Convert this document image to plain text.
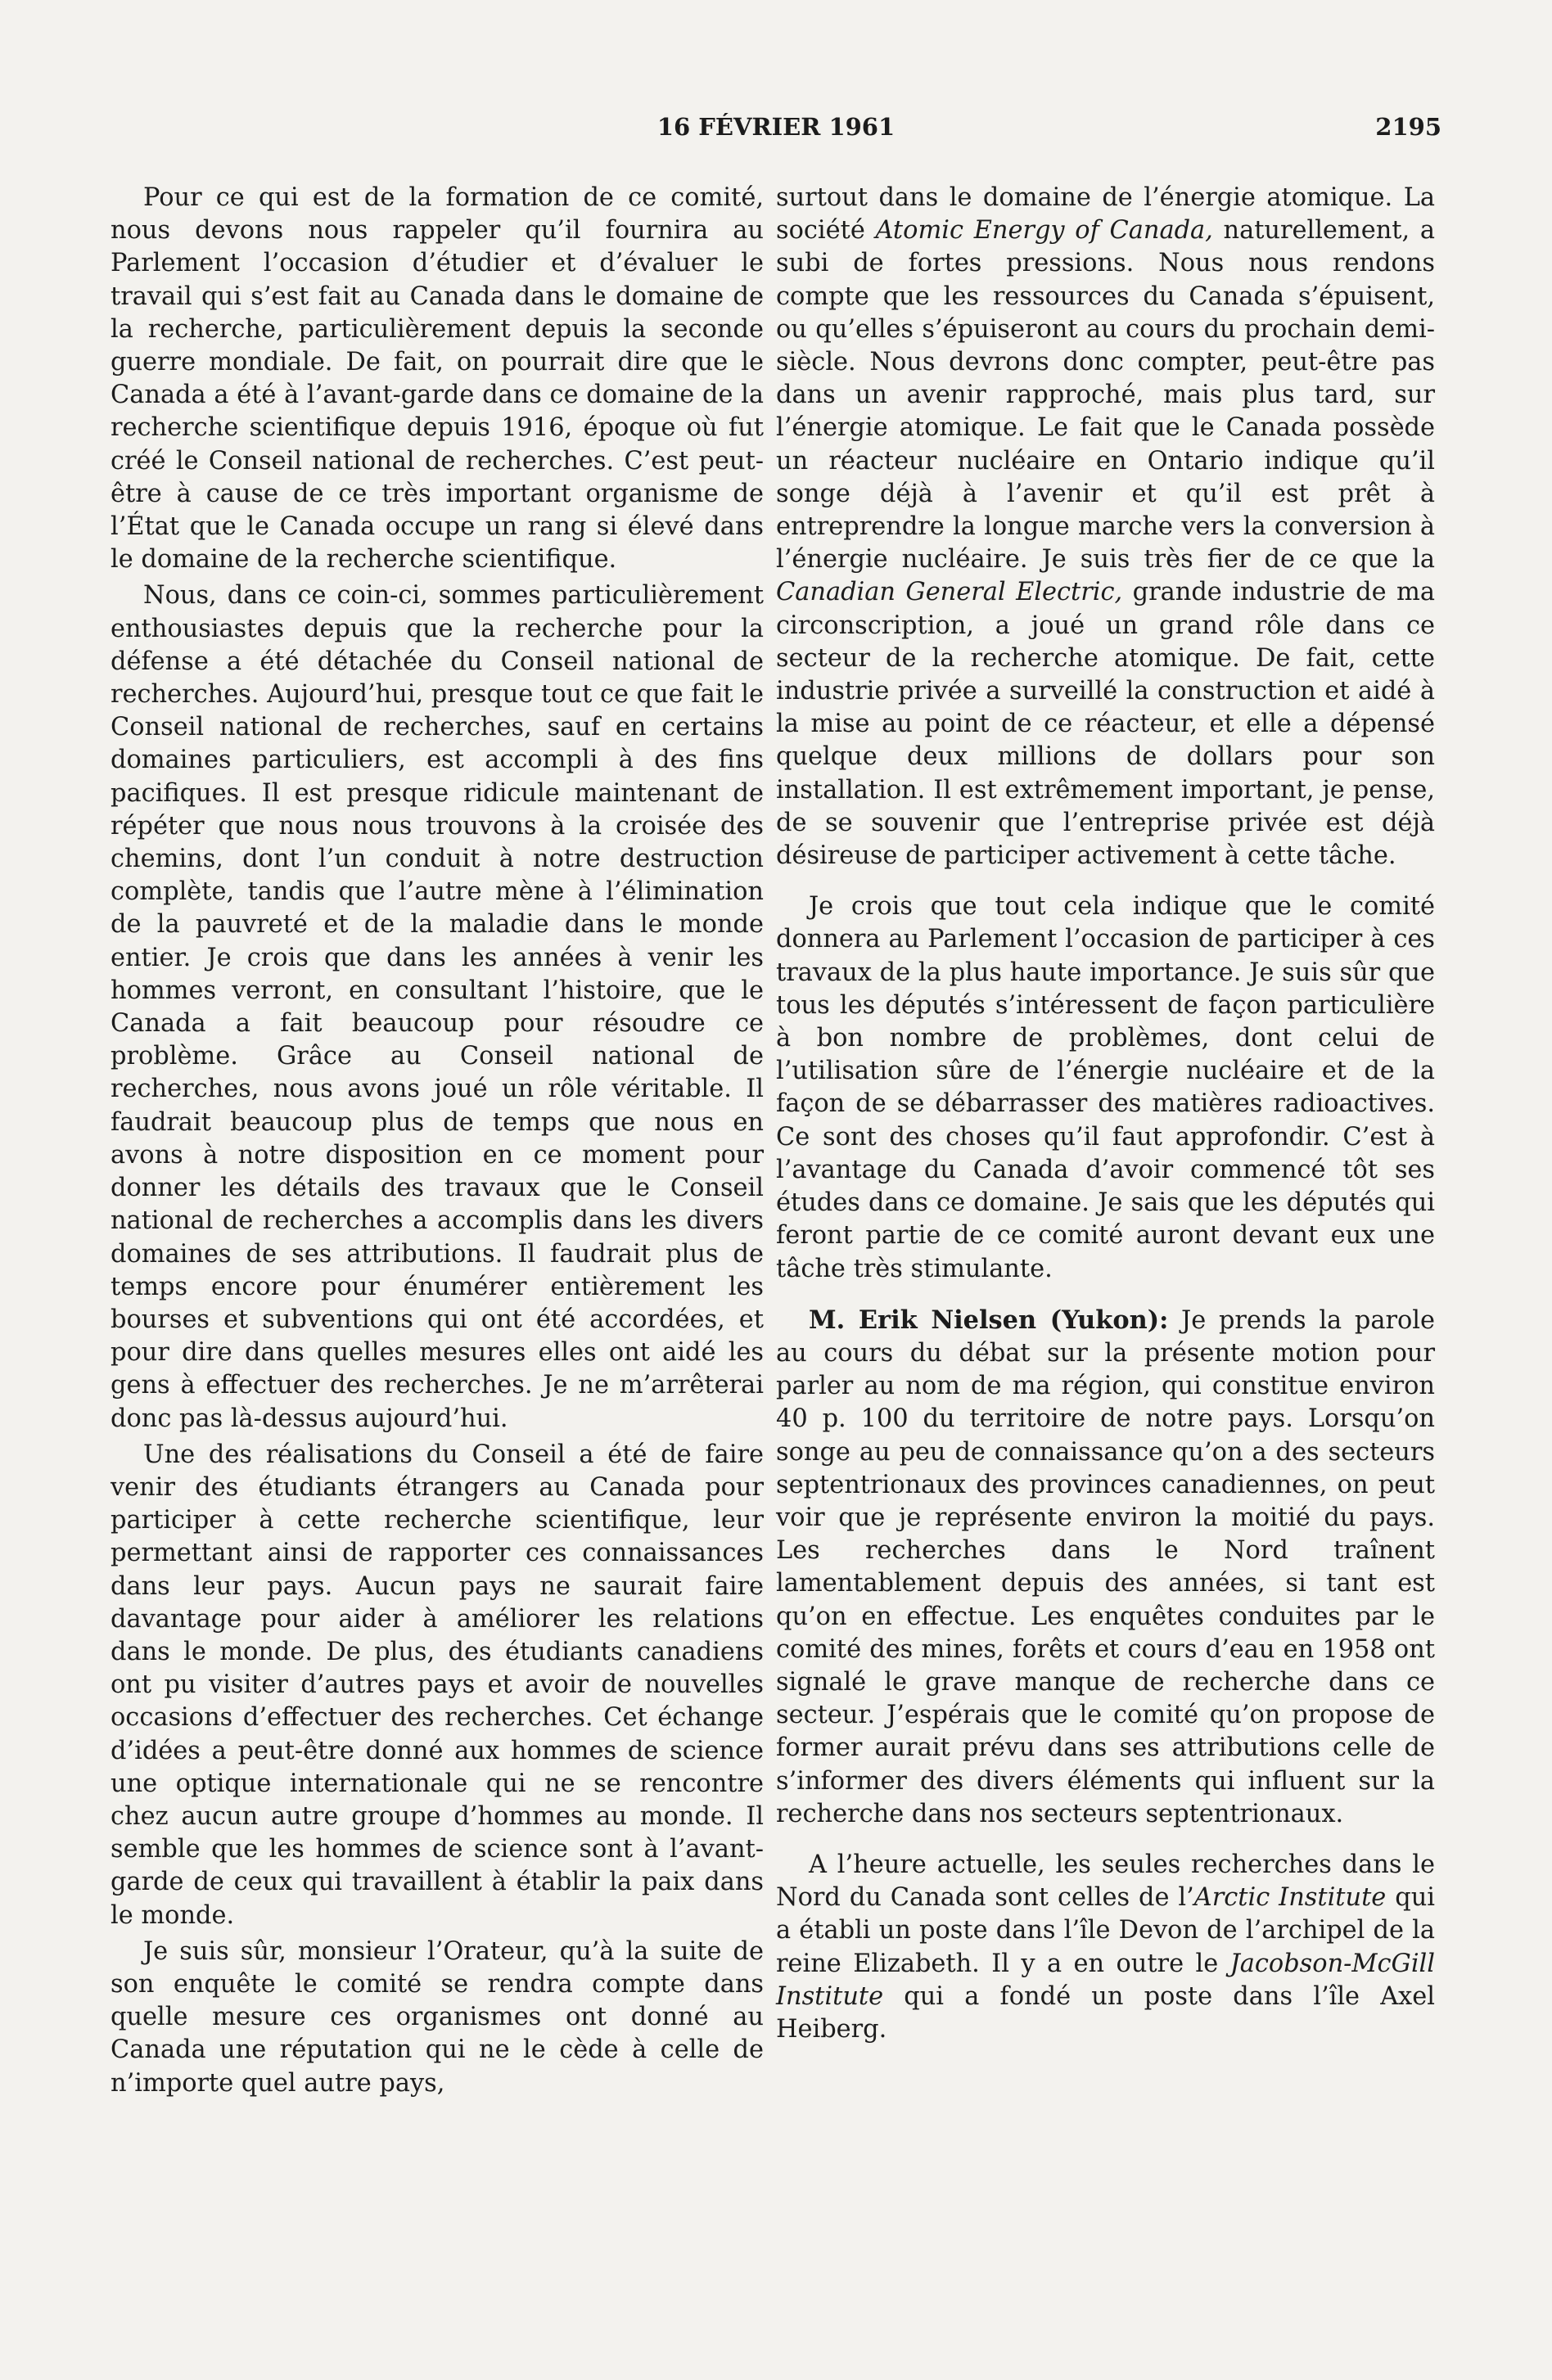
16 FÉVRIER 1961	2195

Pour ce qui est de la formation de ce comité, nous devons nous rappeler qu’il fournira au Parlement l’occasion d’étudier et d’évaluer le travail qui s’est fait au Canada dans le domaine de la recherche, particulièrement depuis la seconde guerre mondiale. De fait, on pourrait dire que le Canada a été à l’avant-garde dans ce domaine de la recherche scientifique depuis 1916, époque où fut créé le Conseil national de recherches. C’est peut-être à cause de ce très important organisme de l’État que le Canada occupe un rang si élevé dans le domaine de la recherche scientifique.

Nous, dans ce coin-ci, sommes particulièrement enthousiastes depuis que la recherche pour la défense a été détachée du Conseil national de recherches. Aujourd’hui, presque tout ce que fait le Conseil national de recherches, sauf en certains domaines particuliers, est accompli à des fins pacifiques. Il est presque ridicule maintenant de répéter que nous nous trouvons à la croisée des chemins, dont l’un conduit à notre destruction complète, tandis que l’autre mène à l’élimination de la pauvreté et de la maladie dans le monde entier. Je crois que dans les années à venir les hommes verront, en consultant l’histoire, que le Canada a fait beaucoup pour résoudre ce problème. Grâce au Conseil national de recherches, nous avons joué un rôle véritable. Il faudrait beaucoup plus de temps que nous en avons à notre disposition en ce moment pour donner les détails des travaux que le Conseil national de recherches a accomplis dans les divers domaines de ses attributions. Il faudrait plus de temps encore pour énumérer entièrement les bourses et subventions qui ont été accordées, et pour dire dans quelles mesures elles ont aidé les gens à effectuer des recherches. Je ne m’arrêterai donc pas là-dessus aujourd’hui.

Une des réalisations du Conseil a été de faire venir des étudiants étrangers au Canada pour participer à cette recherche scientifique, leur permettant ainsi de rapporter ces connaissances dans leur pays. Aucun pays ne saurait faire davantage pour aider à améliorer les relations dans le monde. De plus, des étudiants canadiens ont pu visiter d’autres pays et avoir de nouvelles occasions d’effectuer des recherches. Cet échange d’idées a peut-être donné aux hommes de science une optique internationale qui ne se rencontre chez aucun autre groupe d’hommes au monde. Il semble que les hommes de science sont à l’avant-garde de ceux qui travaillent à établir la paix dans le monde.

Je suis sûr, monsieur l’Orateur, qu’à la suite de son enquête le comité se rendra compte dans quelle mesure ces organismes ont donné au Canada une réputation qui ne le cède à celle de n’importe quel autre pays,

surtout dans le domaine de l’énergie atomique. La société Atomic Energy of Canada, naturellement, a subi de fortes pressions. Nous nous rendons compte que les ressources du Canada s’épuisent, ou qu’elles s’épuiseront au cours du prochain demi-siècle. Nous devrons donc compter, peut-être pas dans un avenir rapproché, mais plus tard, sur l’énergie atomique. Le fait que le Canada possède un réacteur nucléaire en Ontario indique qu’il songe déjà à l’avenir et qu’il est prêt à entreprendre la longue marche vers la conversion à l’énergie nucléaire. Je suis très fier de ce que la Canadian General Electric, grande industrie de ma circonscription, a joué un grand rôle dans ce secteur de la recherche atomique. De fait, cette industrie privée a surveillé la construction et aidé à la mise au point de ce réacteur, et elle a dépensé quelque deux millions de dollars pour son installation. Il est extrêmement important, je pense, de se souvenir que l’entreprise privée est déjà désireuse de participer activement à cette tâche.

Je crois que tout cela indique que le comité donnera au Parlement l’occasion de participer à ces travaux de la plus haute importance. Je suis sûr que tous les députés s’intéressent de façon particulière à bon nombre de problèmes, dont celui de l’utilisation sûre de l’énergie nucléaire et de la façon de se débarrasser des matières radioactives. Ce sont des choses qu’il faut approfondir. C’est à l’avantage du Canada d’avoir commencé tôt ses études dans ce domaine. Je sais que les députés qui feront partie de ce comité auront devant eux une tâche très stimulante.

M. Erik Nielsen (Yukon): Je prends la parole au cours du débat sur la présente motion pour parler au nom de ma région, qui constitue environ 40 p. 100 du territoire de notre pays. Lorsqu’on songe au peu de connaissance qu’on a des secteurs septentrionaux des provinces canadiennes, on peut voir que je représente environ la moitié du pays. Les recherches dans le Nord traînent lamentablement depuis des années, si tant est qu’on en effectue. Les enquêtes conduites par le comité des mines, forêts et cours d’eau en 1958 ont signalé le grave manque de recherche dans ce secteur. J’espérais que le comité qu’on propose de former aurait prévu dans ses attributions celle de s’informer des divers éléments qui influent sur la recherche dans nos secteurs septentrionaux.

A l’heure actuelle, les seules recherches dans le Nord du Canada sont celles de l’Arctic Institute qui a établi un poste dans l’île Devon de l’archipel de la reine Elizabeth. Il y a en outre le Jacobson-McGill Institute qui a fondé un poste dans l’île Axel Heiberg.
